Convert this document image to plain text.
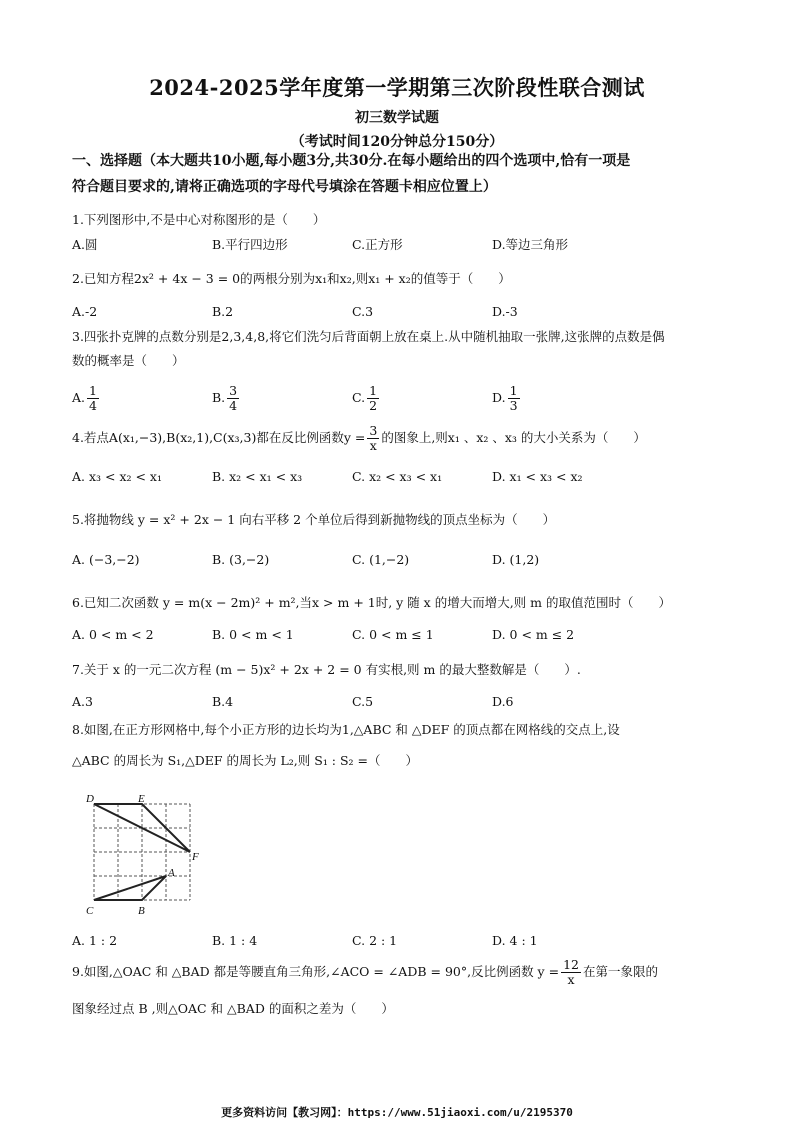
2024-2025学年度第一学期第三次阶段性联合测试
初三数学试题
（考试时间120分钟总分150分）
一、选择题（本大题共10小题,每小题3分,共30分.在每小题给出的四个选项中,恰有一项是
符合题目要求的,请将正确选项的字母代号填涂在答题卡相应位置上）
1.下列图形中,不是中心对称图形的是（　　）
A.圆	B.平行四边形	C.正方形	D.等边三角形
2.已知方程2x² + 4x − 3 = 0的两根分别为x₁和x₂,则x₁ + x₂的值等于（　　）
A.-2	B.2	C.3	D.-3
3.四张扑克牌的点数分别是2,3,4,8,将它们洗匀后背面朝上放在桌上.从中随机抽取一张牌,这张牌的点数是偶
数的概率是（　　）
A. $\frac{1}{4}$	B. $\frac{3}{4}$	C. $\frac{1}{2}$	D. $\frac{1}{3}$
4.若点A(x₁,−3),B(x₂,1),C(x₃,3)都在反比例函数$y = \frac{3}{x}$ 的图象上,则x₁ 、x₂ 、x₃ 的大小关系为（　　）
A. x₃ < x₂ < x₁	B. x₂ < x₁ < x₃	C. x₂ < x₃ < x₁	D. x₁ < x₃ < x₂
5.将抛物线 y = x² + 2x − 1 向右平移 2 个单位后得到新抛物线的顶点坐标为（　　）
A. (−3,−2)	B. (3,−2)	C. (1,−2)	D. (1,2)
6.已知二次函数 y = m(x − 2m)² + m²,当x > m + 1时, y 随 x 的增大而增大,则 m 的取值范围时（　　）
A. 0 < m < 2	B. 0 < m < 1	C. 0 < m ≤ 1	D. 0 < m ≤ 2
7.关于 x 的一元二次方程 (m − 5)x² + 2x + 2 = 0 有实根,则 m 的最大整数解是（　　）.
A.3	B.4	C.5	D.6
8.如图,在正方形网格中,每个小正方形的边长均为1,△ABC 和 △DEF 的顶点都在网格线的交点上,设
△ABC 的周长为 S₁,△DEF 的周长为 L₂,则 S₁ : S₂ =（　　）
D	E
F
A
C	B
A. 1 : 2	B. 1 : 4	C. 2 : 1	D. 4 : 1
9.如图,△OAC 和 △BAD 都是等腰直角三角形,∠ACO = ∠ADB = 90°,反比例函数 $y = \frac{12}{x}$ 在第一象限的
图象经过点 B ,则△OAC 和 △BAD 的面积之差为（　　）
更多资料访问【教习网】：https://www.51jiaoxi.com/u/2195370
